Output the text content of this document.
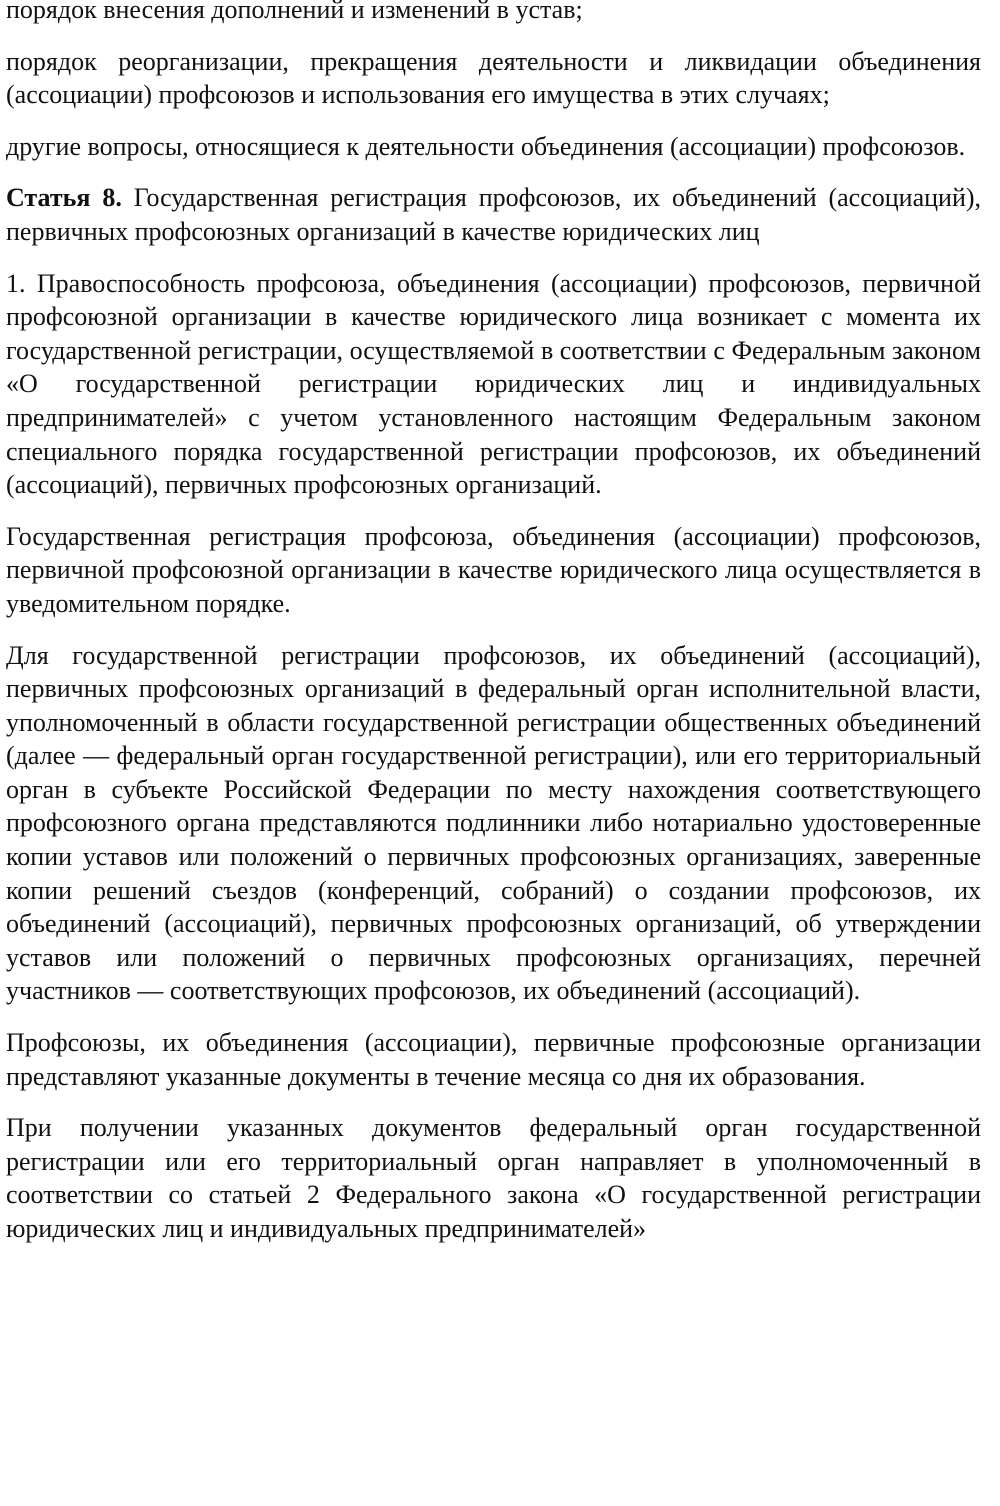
порядок внесения дополнений и изменений в устав;

порядок реорганизации, прекращения деятельности и ликвидации объединения (ассоциации) профсоюзов и использования его имущества в этих случаях;

другие вопросы, относящиеся к деятельности объединения (ассоциации) профсоюзов.

Статья 8. Государственная регистрация профсоюзов, их объединений (ассоциаций), первичных профсоюзных организаций в качестве юридических лиц

1. Правоспособность профсоюза, объединения (ассоциации) профсоюзов, первичной профсоюзной организации в качестве юридического лица возникает с момента их государственной регистрации, осуществляемой в соответствии с Федеральным законом «О государственной регистрации юридических лиц и индивидуальных предпринимателей» с учетом установленного настоящим Федеральным законом специального порядка государственной регистрации профсоюзов, их объединений (ассоциаций), первичных профсоюзных организаций.

Государственная регистрация профсоюза, объединения (ассоциации) профсоюзов, первичной профсоюзной организации в качестве юридического лица осуществляется в уведомительном порядке.

Для государственной регистрации профсоюзов, их объединений (ассоциаций), первичных профсоюзных организаций в федеральный орган исполнительной власти, уполномоченный в области государственной регистрации общественных объединений (далее — федеральный орган государственной регистрации), или его территориальный орган в субъекте Российской Федерации по месту нахождения соответствующего профсоюзного органа представляются подлинники либо нотариально удостоверенные копии уставов или положений о первичных профсоюзных организациях, заверенные копии решений съездов (конференций, собраний) о создании профсоюзов, их объединений (ассоциаций), первичных профсоюзных организаций, об утверждении уставов или положений о первичных профсоюзных организациях, перечней участников — соответствующих профсоюзов, их объединений (ассоциаций).

Профсоюзы, их объединения (ассоциации), первичные профсоюзные организации представляют указанные документы в течение месяца со дня их образования.

При получении указанных документов федеральный орган государственной регистрации или его территориальный орган направляет в уполномоченный в соответствии со статьей 2 Федерального закона «О государственной регистрации юридических лиц и индивидуальных предпринимателей»
